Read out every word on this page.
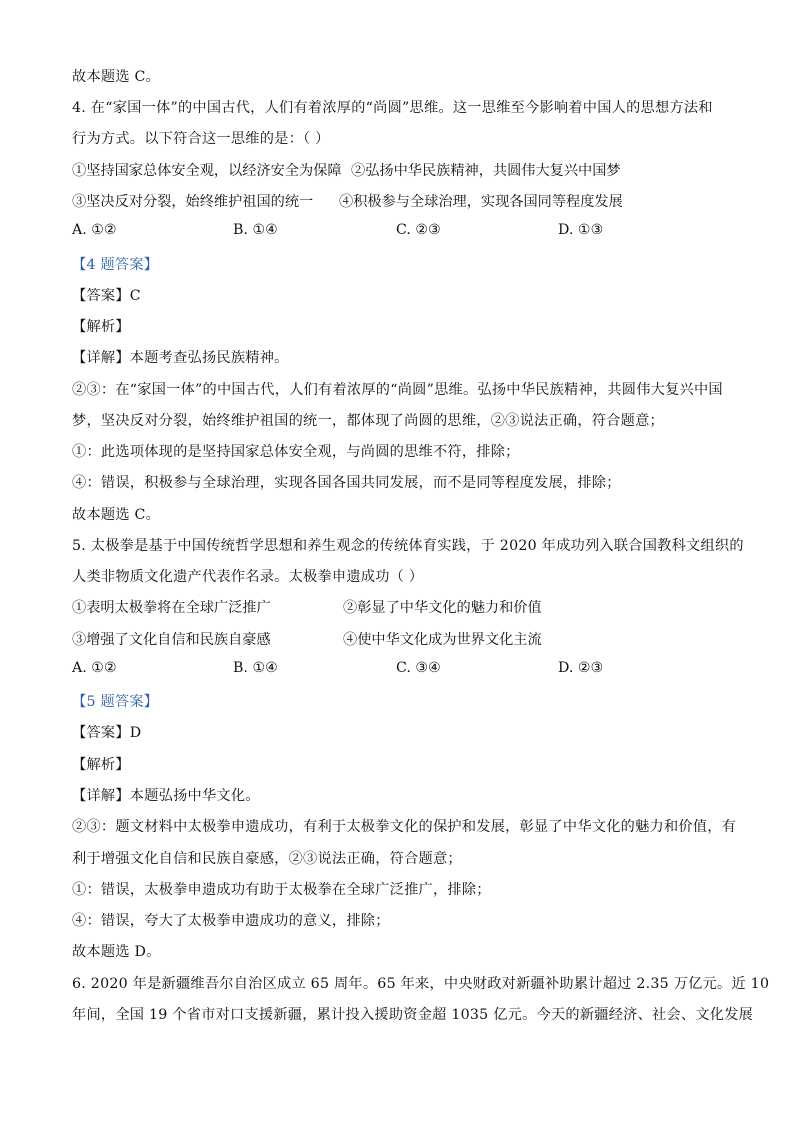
故本题选 C。
4. 在“家国一体”的中国古代，人们有着浓厚的“尚圆”思维。这一思维至今影响着中国人的思想方法和
行为方式。以下符合这一思维的是：（ ）
①坚持国家总体安全观，以经济安全为保障 ②弘扬中华民族精神，共圆伟大复兴中国梦
③坚决反对分裂，始终维护祖国的统一 ④积极参与全球治理，实现各国同等程度发展
A. ①②	B. ①④	C. ②③	D. ①③
【4 题答案】
【答案】C
【解析】
【详解】本题考查弘扬民族精神。
②③：在“家国一体”的中国古代，人们有着浓厚的“尚圆”思维。弘扬中华民族精神，共圆伟大复兴中国
梦，坚决反对分裂，始终维护祖国的统一，都体现了尚圆的思维，②③说法正确，符合题意；
①：此选项体现的是坚持国家总体安全观，与尚圆的思维不符，排除；
④：错误，积极参与全球治理，实现各国各国共同发展，而不是同等程度发展，排除；
故本题选 C。
5. 太极拳是基于中国传统哲学思想和养生观念的传统体育实践，于 2020 年成功列入联合国教科文组织的
人类非物质文化遗产代表作名录。太极拳申遗成功（ ）
①表明太极拳将在全球广泛推广	②彰显了中华文化的魅力和价值
③增强了文化自信和民族自豪感	④使中华文化成为世界文化主流
A. ①②	B. ①④	C. ③④	D. ②③
【5 题答案】
【答案】D
【解析】
【详解】本题弘扬中华文化。
②③：题文材料中太极拳申遗成功，有利于太极拳文化的保护和发展，彰显了中华文化的魅力和价值，有
利于增强文化自信和民族自豪感，②③说法正确，符合题意；
①：错误，太极拳申遗成功有助于太极拳在全球广泛推广，排除；
④：错误，夸大了太极拳申遗成功的意义，排除；
故本题选 D。
6. 2020 年是新疆维吾尔自治区成立 65 周年。65 年来，中央财政对新疆补助累计超过 2.35 万亿元。近 10
年间，全国 19 个省市对口支援新疆，累计投入援助资金超 1035 亿元。今天的新疆经济、社会、文化发展
